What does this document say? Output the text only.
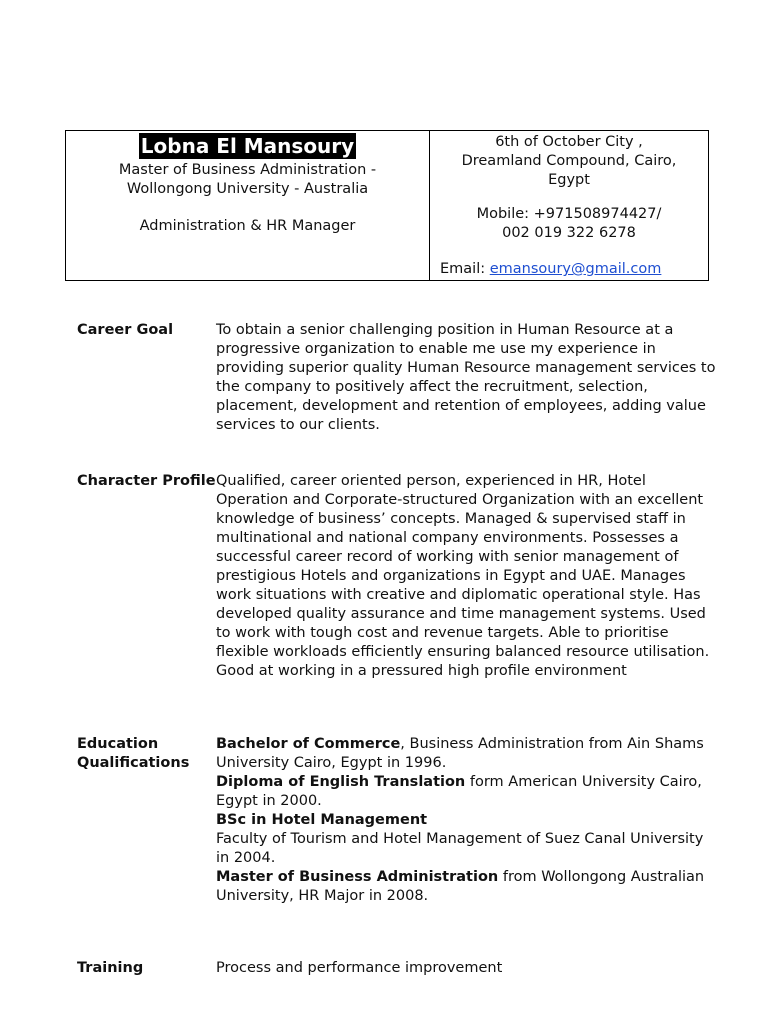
Lobna El Mansoury
Master of Business Administration -
Wollongong University - Australia
Administration & HR Manager
6th of October City ,
Dreamland Compound, Cairo,
Egypt
Mobile: +971508974427/
002 019 322 6278
Email: emansoury@gmail.com
Career Goal	To obtain a senior challenging position in Human Resource at a progressive organization to enable me use my experience in providing superior quality Human Resource management services to the company to positively affect the recruitment, selection, placement, development and retention of employees, adding value services to our clients.
Character Profile Qualified, career oriented person, experienced in HR, Hotel Operation and Corporate-structured Organization with an excellent knowledge of business’ concepts. Managed & supervised staff in multinational and national company environments. Possesses a successful career record of working with senior management of prestigious Hotels and organizations in Egypt and UAE. Manages work situations with creative and diplomatic operational style. Has developed quality assurance and time management systems. Used to work with tough cost and revenue targets. Able to prioritise flexible workloads efficiently ensuring balanced resource utilisation. Good at working in a pressured high profile environment
Education Qualifications
Bachelor of Commerce, Business Administration from Ain Shams University Cairo, Egypt in 1996.
Diploma of English Translation form American University Cairo, Egypt in 2000.
BSc in Hotel Management
Faculty of Tourism and Hotel Management of Suez Canal University in 2004.
Master of Business Administration from Wollongong Australian University, HR Major in 2008.
Training	Process and performance improvement
